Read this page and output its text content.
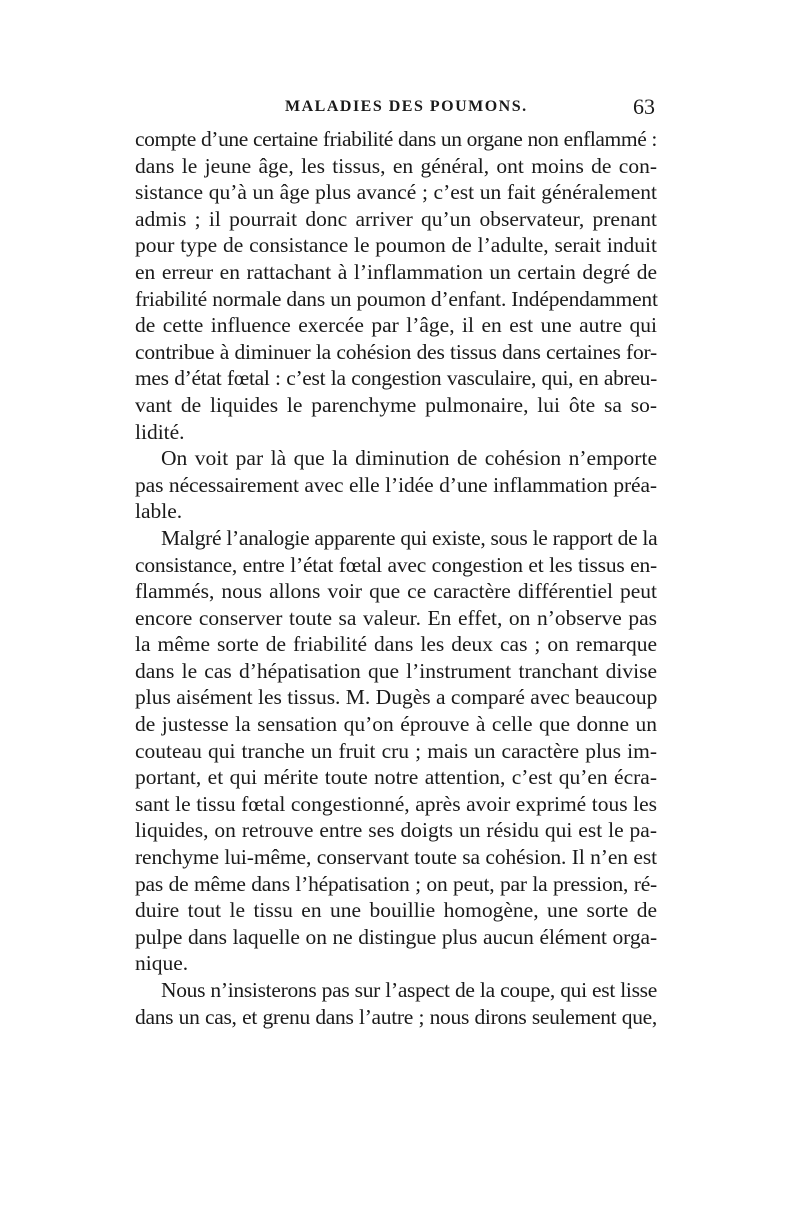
MALADIES DES POUMONS.	63
compte d’une certaine friabilité dans un organe non enflammé :
dans le jeune âge, les tissus, en général, ont moins de con-
sistance qu’à un âge plus avancé ; c’est un fait généralement
admis ; il pourrait donc arriver qu’un observateur, prenant
pour type de consistance le poumon de l’adulte, serait induit
en erreur en rattachant à l’inflammation un certain degré de
friabilité normale dans un poumon d’enfant. Indépendamment
de cette influence exercée par l’âge, il en est une autre qui
contribue à diminuer la cohésion des tissus dans certaines for-
mes d’état fœtal : c’est la congestion vasculaire, qui, en abreu-
vant de liquides le parenchyme pulmonaire, lui ôte sa so-
lidité.
On voit par là que la diminution de cohésion n’emporte
pas nécessairement avec elle l’idée d’une inflammation préa-
lable.
Malgré l’analogie apparente qui existe, sous le rapport de la
consistance, entre l’état fœtal avec congestion et les tissus en-
flammés, nous allons voir que ce caractère différentiel peut
encore conserver toute sa valeur. En effet, on n’observe pas
la même sorte de friabilité dans les deux cas ; on remarque
dans le cas d’hépatisation que l’instrument tranchant divise
plus aisément les tissus. M. Dugès a comparé avec beaucoup
de justesse la sensation qu’on éprouve à celle que donne un
couteau qui tranche un fruit cru ; mais un caractère plus im-
portant, et qui mérite toute notre attention, c’est qu’en écra-
sant le tissu fœtal congestionné, après avoir exprimé tous les
liquides, on retrouve entre ses doigts un résidu qui est le pa-
renchyme lui-même, conservant toute sa cohésion. Il n’en est
pas de même dans l’hépatisation ; on peut, par la pression, ré-
duire tout le tissu en une bouillie homogène, une sorte de
pulpe dans laquelle on ne distingue plus aucun élément orga-
nique.
Nous n’insisterons pas sur l’aspect de la coupe, qui est lisse
dans un cas, et grenu dans l’autre ; nous dirons seulement que,
